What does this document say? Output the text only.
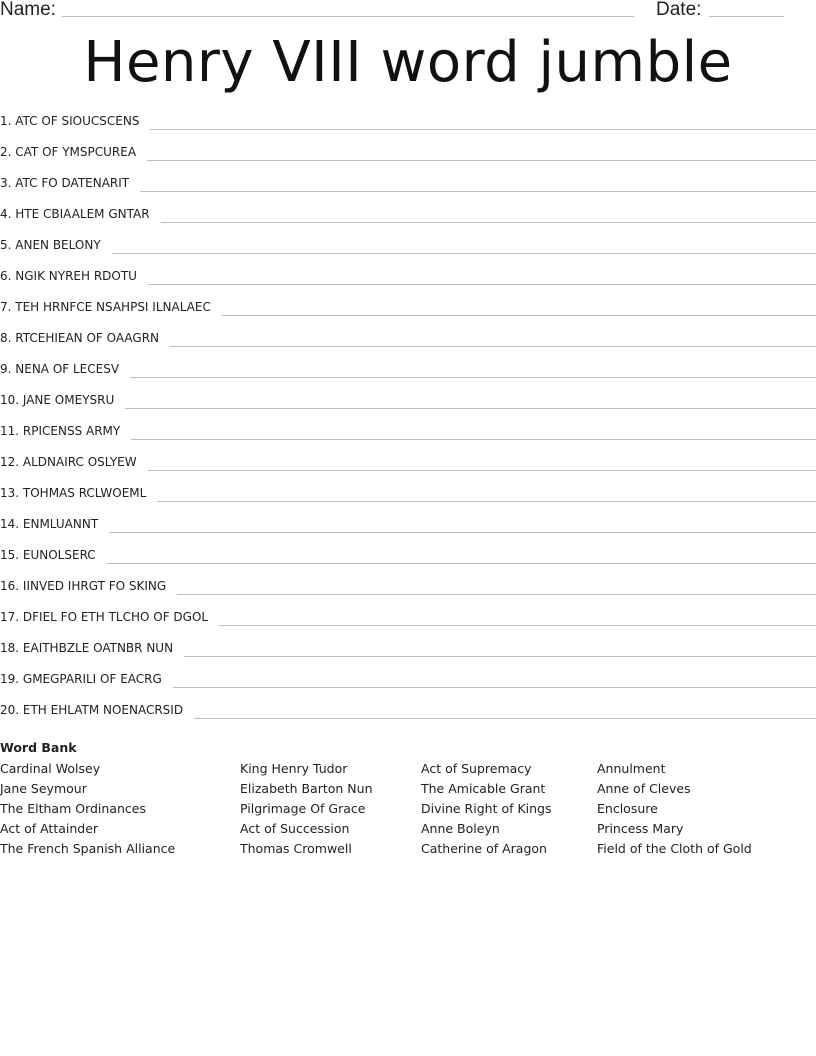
Name:	Date:
Henry VIII word jumble
1. ATC OF SIOUCSCENS
2. CAT OF YMSPCUREA
3. ATC FO DATENARIT
4. HTE CBIAALEM GNTAR
5. ANEN BELONY
6. NGIK NYREH RDOTU
7. TEH HRNFCE NSAHPSI ILNALAEC
8. RTCEHIEAN OF OAAGRN
9. NENA OF LECESV
10. JANE OMEYSRU
11. RPICENSS ARMY
12. ALDNAIRC OSLYEW
13. TOHMAS RCLWOEML
14. ENMLUANNT
15. EUNOLSERC
16. IINVED IHRGT FO SKING
17. DFIEL FO ETH TLCHO OF DGOL
18. EAITHBZLE OATNBR NUN
19. GMEGPARILI OF EACRG
20. ETH EHLATM NOENACRSID
Word Bank
Cardinal Wolsey
Jane Seymour
The Eltham Ordinances
Act of Attainder
The French Spanish Alliance
King Henry Tudor
Elizabeth Barton Nun
Pilgrimage Of Grace
Act of Succession
Thomas Cromwell
Act of Supremacy
The Amicable Grant
Divine Right of Kings
Anne Boleyn
Catherine of Aragon
Annulment
Anne of Cleves
Enclosure
Princess Mary
Field of the Cloth of Gold
